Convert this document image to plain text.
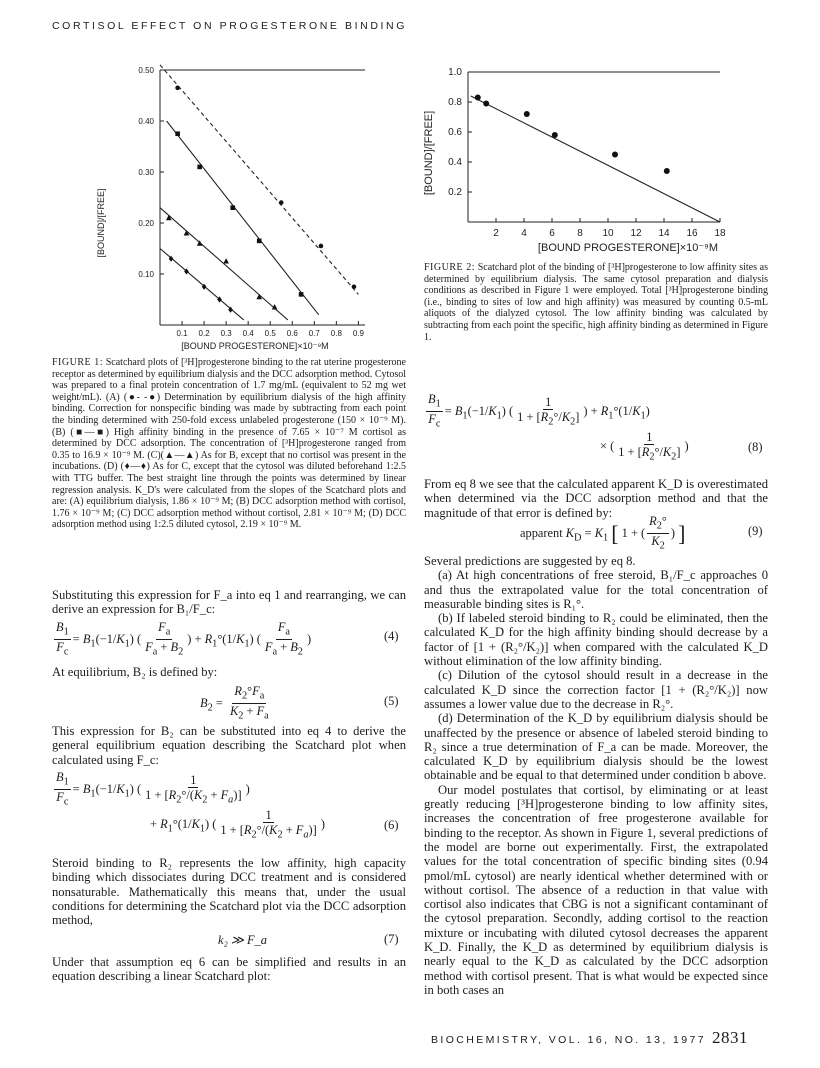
CORTISOL EFFECT ON PROGESTERONE BINDING
0.1 0.2 0.3 0.4 0.5 0.6 0.7 0.8 0.9
0.10
0.20
0.30
0.40
0.50
[BOUND]/[FREE]
[BOUND PROGESTERONE]×10⁻⁹M
2 4 6 8 10 12 14 16 18
0.2
0.4
0.6
0.8
1.0
[BOUND]/[FREE]
[BOUND PROGESTERONE]×10⁻⁹M
FIGURE 1: Scatchard plots of [³H]progesterone binding to the rat uterine progesterone receptor as determined by equilibrium dialysis and the DCC adsorption method. Cytosol was prepared to a final protein concentration of 1.7 mg/mL (equivalent to 52 mg wet weight/mL). (A) (●- -●) Determination by equilibrium dialysis of the high affinity binding. Correction for nonspecific binding was made by subtracting from each point the binding determined with 250-fold excess unlabeled progesterone (150 × 10⁻⁹ M). (B) (■—■) High affinity binding in the presence of 7.65 × 10⁻⁷ M cortisol as determined by DCC adsorption. The concentration of [³H]progesterone ranged from 0.35 to 16.9 × 10⁻⁹ M. (C)(▲—▲) As for B, except that no cortisol was present in the incubations. (D) (♦—♦) As for C, except that the cytosol was diluted beforehand 1:2.5 with TTG buffer. The best straight line through the points was determined by linear regression analysis. K_D's were calculated from the slopes of the Scatchard plots and are: (A) equilibrium dialysis, 1.86 × 10⁻⁹ M; (B) DCC adsorption method with cortisol, 1.76 × 10⁻⁹ M; (C) DCC adsorption method without cortisol, 2.81 × 10⁻⁹ M; (D) DCC adsorption method using 1:2.5 diluted cytosol, 2.19 × 10⁻⁹ M.
FIGURE 2: Scatchard plot of the binding of [³H]progesterone to low affinity sites as determined by equilibrium dialysis. The same cytosol preparation and dialysis conditions as described in Figure 1 were employed. Total [³H]progesterone binding (i.e., binding to sites of low and high affinity) was measured by counting 0.5-mL aliquots of the dialyzed cytosol. The low affinity binding was calculated by subtracting from each point the specific, high affinity binding as determined in Figure 1.
Substituting this expression for F_a into eq 1 and rearranging, we can derive an expression for B₁/F_c:
$\frac{B_1}{F_c} = B_1(-1/K_1)$ ( $\frac{F_a}{F_a + B_2}$ ) + $R_1^\circ(1/K_1)$ ( $\frac{F_a}{F_a + B_2}$ )	(4)
At equilibrium, B₂ is defined by:
$B_2 = \frac{R_2^\circ F_a}{K_2 + F_a}$	(5)
This expression for B₂ can be substituted into eq 4 to derive the general equilibrium equation describing the Scatchard plot when calculated using F_c:
$\frac{B_1}{F_c} = B_1(-1/K_1)$ ( $\frac{1}{1 + [R_2^\circ/(K_2 + F_a)]}$ )
+ $R_1^\circ(1/K_1)$ ( $\frac{1}{1 + [R_2^\circ/(K_2 + F_a)]}$ )	(6)
Steroid binding to R₂ represents the low affinity, high capacity binding which dissociates during DCC treatment and is considered nonsaturable. Mathematically this means that, under the usual conditions for determining the Scatchard plot via the DCC adsorption method,
k₂ ≫ F_a	(7)
Under that assumption eq 6 can be simplified and results in an equation describing a linear Scatchard plot:
$\frac{B_1}{F_c} = B_1(-1/K_1)$ ( $\frac{1}{1 + [R_2^\circ/K_2]}$ ) + $R_1^\circ(1/K_1)$
× ( $\frac{1}{1 + [R_2^\circ/K_2]}$ )	(8)
From eq 8 we see that the calculated apparent K_D is overestimated when determined via the DCC adsorption method and that the magnitude of that error is defined by:
apparent $K_D = K_1$ [ 1 + ( $\frac{R_2^\circ}{K_2}$ ) ]	(9)

Several predictions are suggested by eq 8.

(a) At high concentrations of free steroid, B₁/F_c approaches 0 and thus the extrapolated value for the total concentration of measurable binding sites is R₁°.

(b) If labeled steroid binding to R₂ could be eliminated, then the calculated K_D for the high affinity binding should decrease by a factor of [1 + (R₂°/K₂)] when compared with the calculated K_D without elimination of the low affinity binding.

(c) Dilution of the cytosol should result in a decrease in the calculated K_D since the correction factor [1 + (R₂°/K₂)] now assumes a lower value due to the decrease in R₂°.

(d) Determination of the K_D by equilibrium dialysis should be unaffected by the presence or absence of labeled steroid binding to R₂ since a true determination of F_a can be made. Moreover, the calculated K_D by equilibrium dialysis should be the lowest obtainable and be equal to that determined under condition b above.

Our model postulates that cortisol, by eliminating or at least greatly reducing [³H]progesterone binding to low affinity sites, increases the concentration of free progesterone available for binding to the receptor. As shown in Figure 1, several predictions of the model are borne out experimentally. First, the extrapolated values for the total concentration of specific binding sites (0.94 pmol/mL cytosol) are nearly identical whether determined with or without cortisol. The absence of a reduction in that value with cortisol also indicates that CBG is not a significant contaminant of the cytosol preparation. Secondly, adding cortisol to the reaction mixture or incubating with diluted cytosol decreases the apparent K_D. Finally, the K_D as determined by equilibrium dialysis is nearly equal to the K_D as calculated by the DCC adsorption method with cortisol present. That is what would be expected since in both cases an

BIOCHEMISTRY, VOL. 16, NO. 13, 1977 2831
